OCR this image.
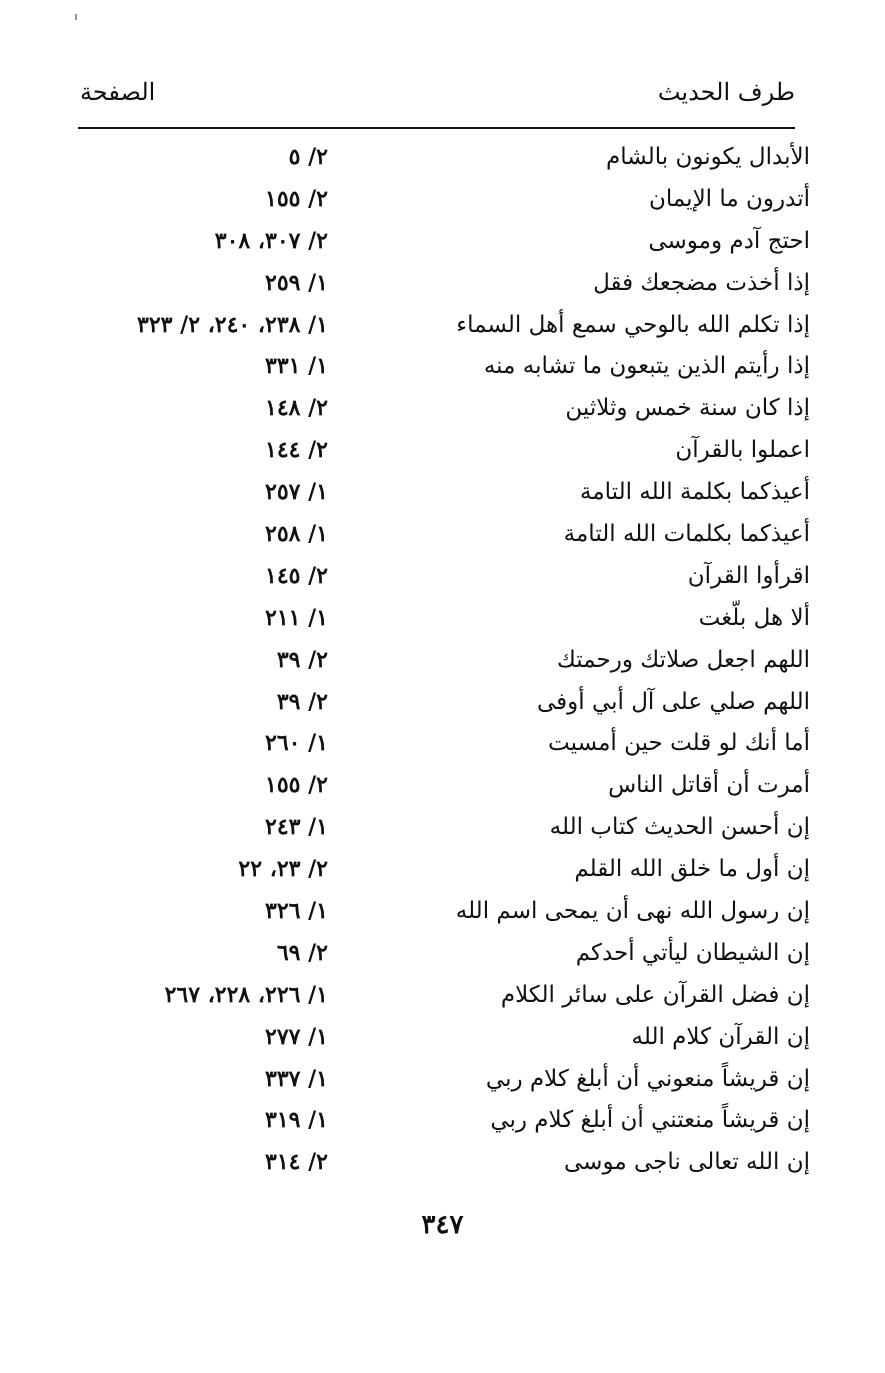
طرف الحديث
الصفحة
الأبدال يكونون بالشام
٢/ ٥
أتدرون ما الإيمان
٢/ ١٥٥
احتج آدم وموسى
٢/ ٣٠٧، ٣٠٨
إذا أخذت مضجعك فقل
١/ ٢٥٩
إذا تكلم الله بالوحي سمع أهل السماء
١/ ٢٣٨، ٢٤٠، ٢/ ٣٢٣
إذا رأيتم الذين يتبعون ما تشابه منه
١/ ٣٣١
إذا كان سنة خمس وثلاثين
٢/ ١٤٨
اعملوا بالقرآن
٢/ ١٤٤
أعيذكما بكلمة الله التامة
١/ ٢٥٧
أعيذكما بكلمات الله التامة
١/ ٢٥٨
اقرأوا القرآن
٢/ ١٤٥
ألا هل بلّغت
١/ ٢١١
اللهم اجعل صلاتك ورحمتك
٢/ ٣٩
اللهم صلي على آل أبي أوفى
٢/ ٣٩
أما أنك لو قلت حين أمسيت
١/ ٢٦٠
أمرت أن أقاتل الناس
٢/ ١٥٥
إن أحسن الحديث كتاب الله
١/ ٢٤٣
إن أول ما خلق الله القلم
٢/ ٢٣، ٢٢
إن رسول الله نهى أن يمحى اسم الله
١/ ٣٢٦
إن الشيطان ليأتي أحدكم
٢/ ٦٩
إن فضل القرآن على سائر الكلام
١/ ٢٢٦، ٢٢٨، ٢٦٧
إن القرآن كلام الله
١/ ٢٧٧
إن قريشاً منعوني أن أبلغ كلام ربي
١/ ٣٣٧
إن قريشاً منعتني أن أبلغ كلام ربي
١/ ٣١٩
إن الله تعالى ناجى موسى
٢/ ٣١٤
٣٤٧
